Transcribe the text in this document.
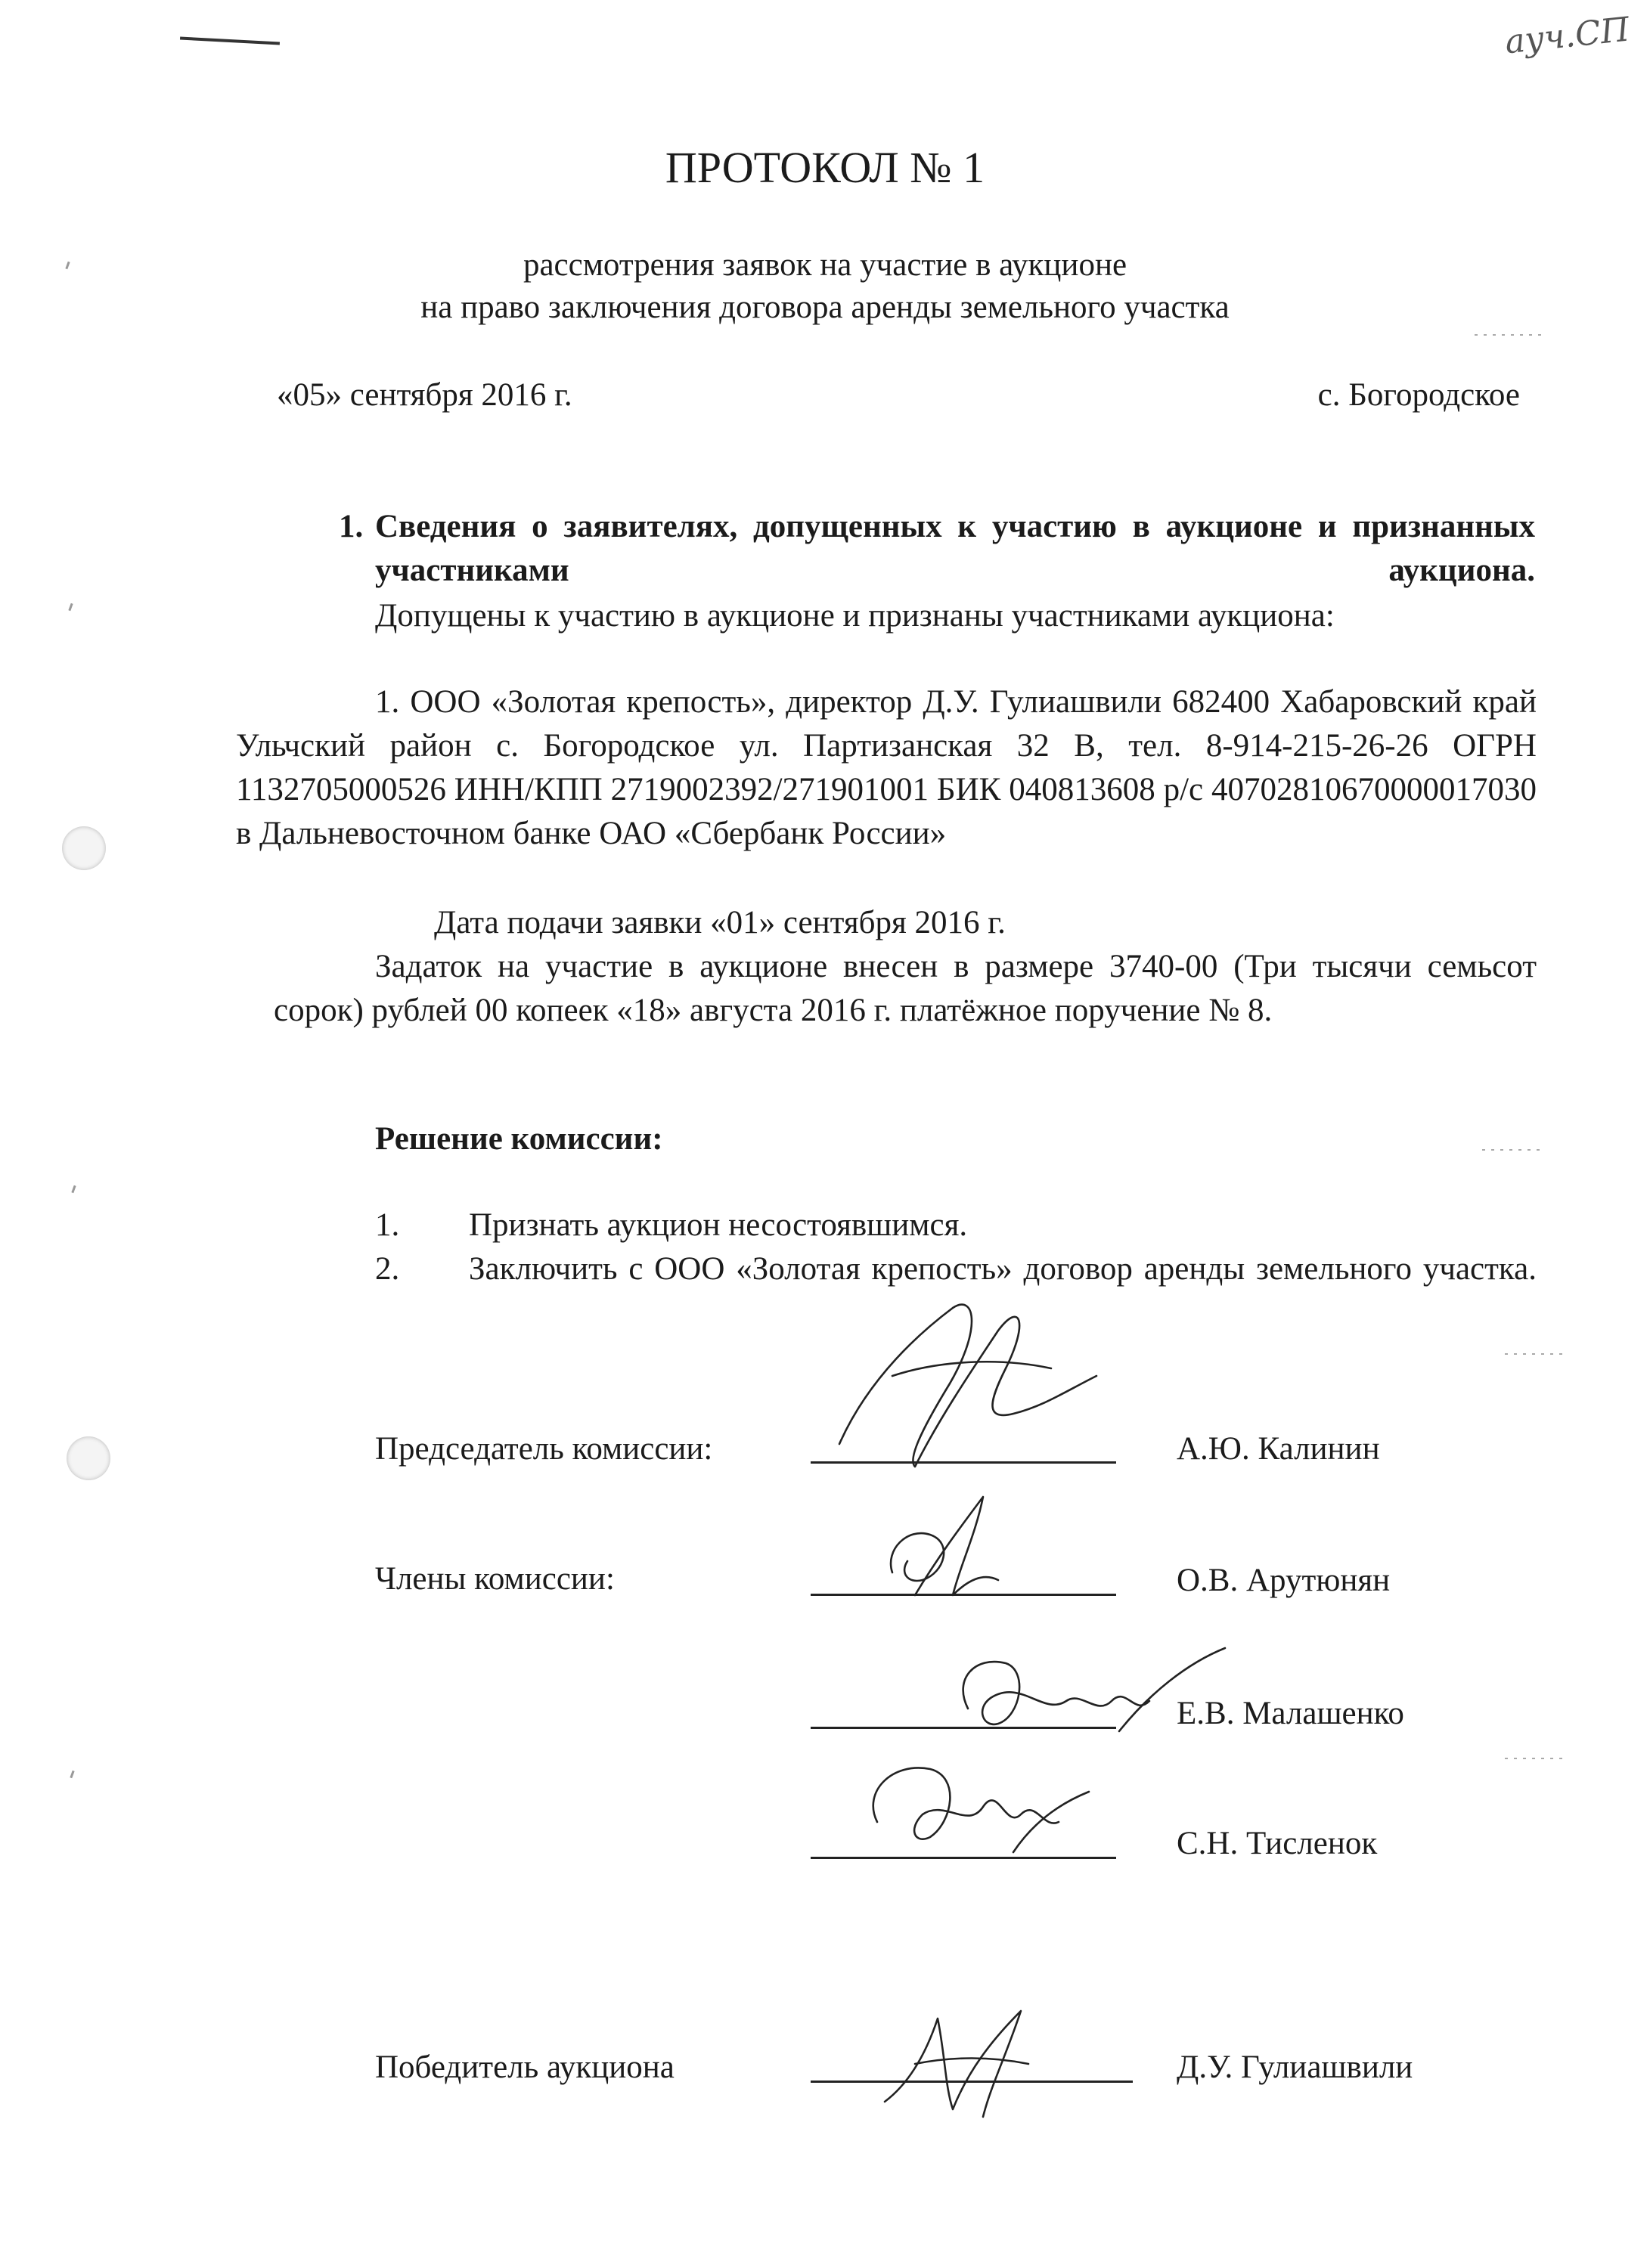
ауч.СП
ПРОТОКОЛ № 1
рассмотрения заявок на участие в аукционе
на право заключения договора аренды земельного участка
«05» сентября 2016 г.	с. Богородское
1. Сведения о заявителях, допущенных к участию в аукционе и признанных участниками аукциона.
Допущены к участию в аукционе и признаны участниками аукциона:
1. ООО «Золотая крепость», директор Д.У. Гулиашвили 682400 Хабаровский край Ульчский район с. Богородское ул. Партизанская 32 В, тел. 8-914-215-26-26 ОГРН 1132705000526 ИНН/КПП 2719002392/271901001 БИК 040813608 р/с 40702810670000017030 в Дальневосточном банке ОАО «Сбербанк России»
Дата подачи заявки «01» сентября 2016 г.
Задаток на участие в аукционе внесен в размере 3740-00 (Три тысячи семьсот сорок) рублей 00 копеек «18» августа 2016 г. платёжное поручение № 8.
Решение комиссии:
1. Признать аукцион несостоявшимся.
2.	Заключить с ООО «Золотая крепость» договор аренды земельного участка.
Председатель комиссии:	А.Ю. Калинин
Члены комиссии:	О.В. Арутюнян
Е.В. Малашенко
С.Н. Тисленок
Победитель аукциона	Д.У. Гулиашвили
